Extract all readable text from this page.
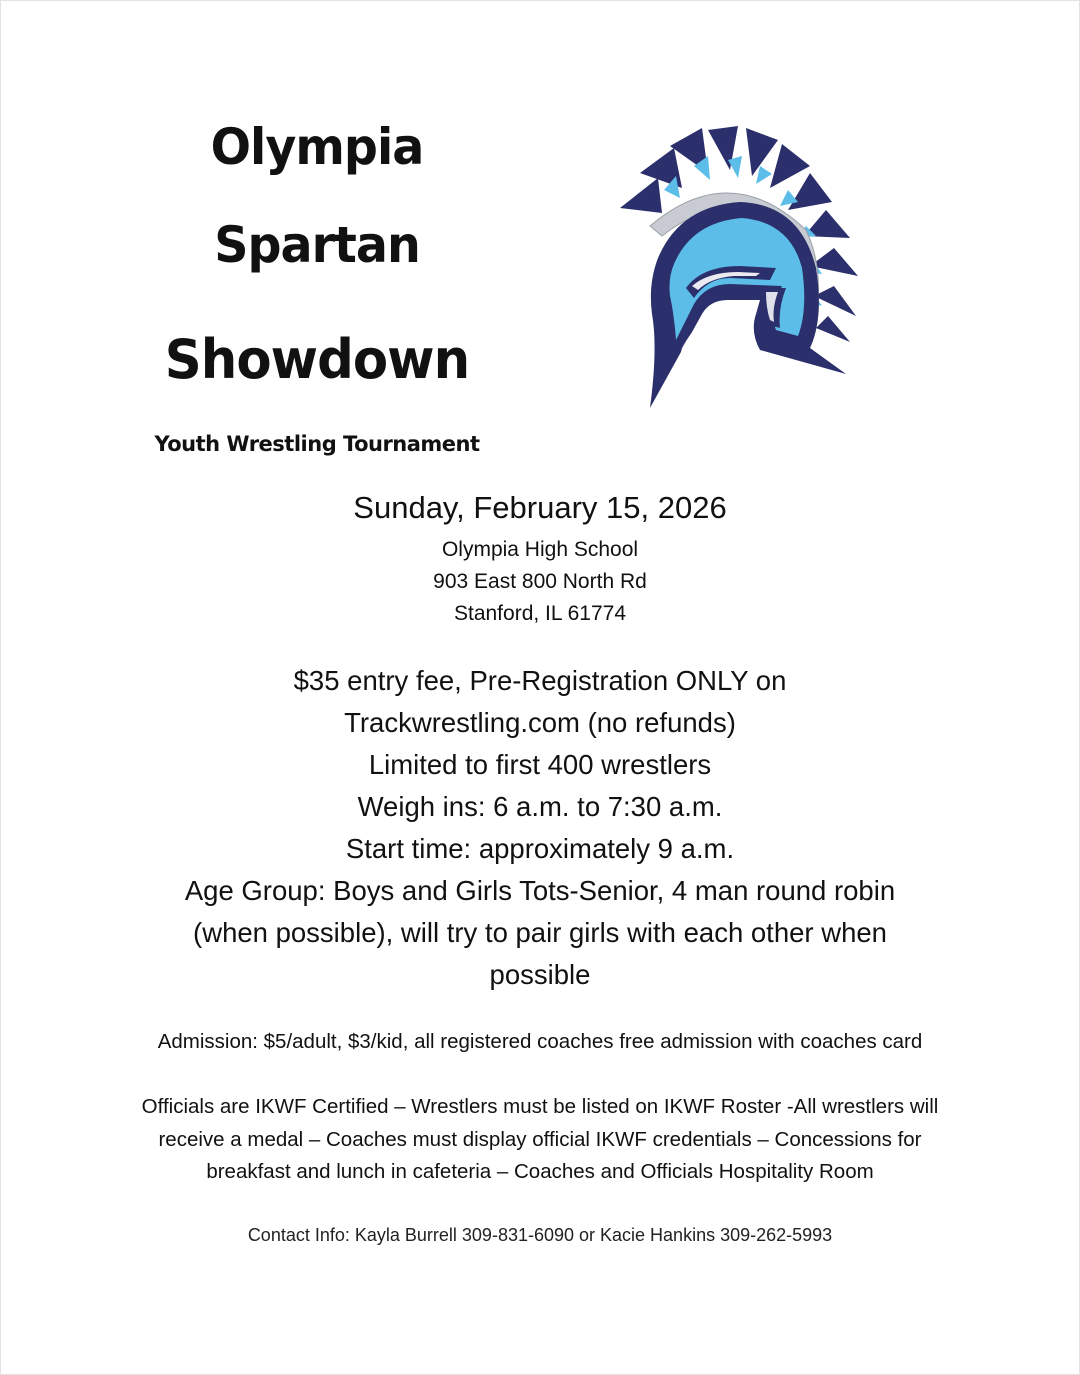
Olympia
Spartan
Showdown
Youth Wrestling Tournament
Sunday, February 15, 2026
Olympia High School
903 East 800 North Rd
Stanford, IL 61774
$35 entry fee, Pre-Registration ONLY on
Trackwrestling.com (no refunds)
Limited to first 400 wrestlers
Weigh ins: 6 a.m. to 7:30 a.m.
Start time: approximately 9 a.m.
Age Group: Boys and Girls Tots-Senior, 4 man round robin (when possible), will try to pair girls with each other when possible
Admission: $5/adult, $3/kid, all registered coaches free admission with coaches card
Officials are IKWF Certified – Wrestlers must be listed on IKWF Roster -All wrestlers will receive a medal – Coaches must display official IKWF credentials – Concessions for breakfast and lunch in cafeteria – Coaches and Officials Hospitality Room
Contact Info: Kayla Burrell 309-831-6090 or Kacie Hankins 309-262-5993
